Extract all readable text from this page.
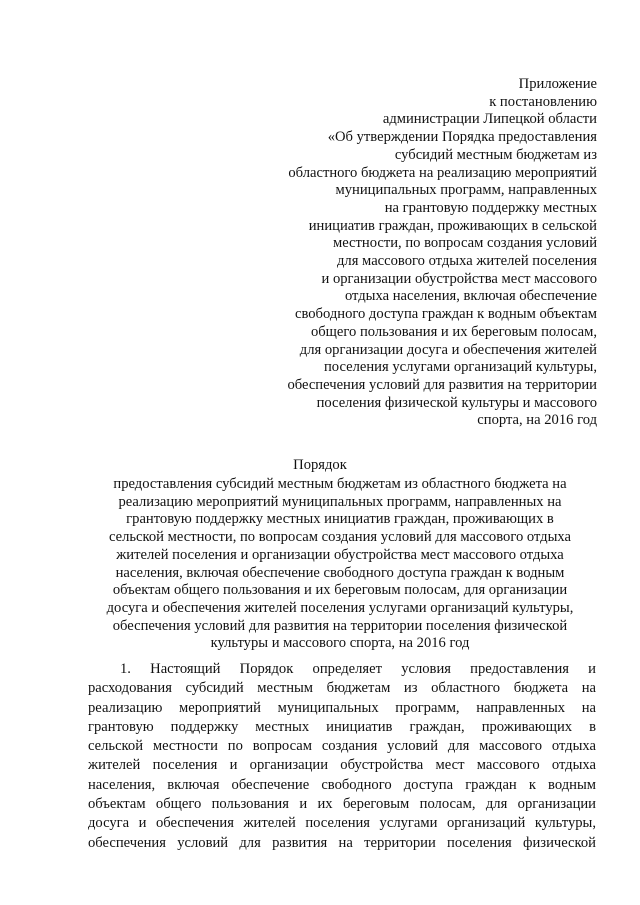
Приложение
к постановлению
администрации Липецкой области
«Об утверждении Порядка предоставления
субсидий местным бюджетам из
областного бюджета на реализацию мероприятий
муниципальных программ, направленных
на грантовую поддержку местных
инициатив граждан, проживающих в сельской
местности, по вопросам создания условий
для массового отдыха жителей поселения
и организации обустройства мест массового
отдыха населения, включая обеспечение
свободного доступа граждан к водным объектам
общего пользования и их береговым полосам,
для организации досуга и обеспечения жителей
поселения услугами организаций культуры,
обеспечения условий для развития на территории
поселения физической культуры и массового
спорта, на 2016 год
Порядок
предоставления субсидий местным бюджетам из областного бюджета на
реализацию мероприятий муниципальных программ, направленных на
грантовую поддержку местных инициатив граждан, проживающих в
сельской местности, по вопросам создания условий для массового отдыха
жителей поселения и организации обустройства мест массового отдыха
населения, включая обеспечение свободного доступа граждан к водным
объектам общего пользования и их береговым полосам, для организации
досуга и обеспечения жителей поселения услугами организаций культуры,
обеспечения условий для развития на территории поселения физической
культуры и массового спорта, на 2016 год
1. Настоящий Порядок определяет условия предоставления и
расходования субсидий местным бюджетам из областного бюджета на
реализацию мероприятий муниципальных программ, направленных на
грантовую поддержку местных инициатив граждан, проживающих в
сельской местности по вопросам создания условий для массового отдыха
жителей поселения и организации обустройства мест массового отдыха
населения, включая обеспечение свободного доступа граждан к водным
объектам общего пользования и их береговым полосам, для организации
досуга и обеспечения жителей поселения услугами организаций культуры,
обеспечения условий для развития на территории поселения физической
